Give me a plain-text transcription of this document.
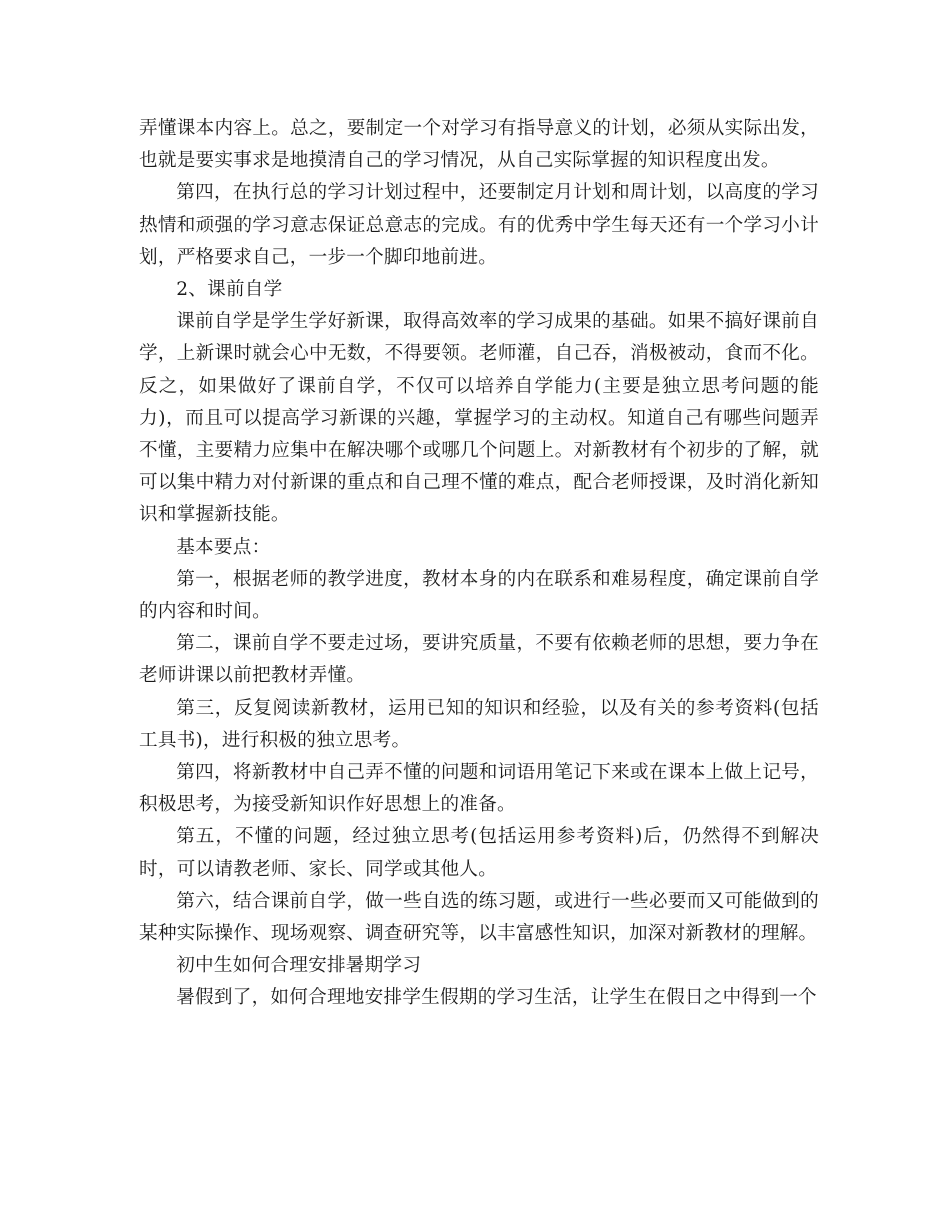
弄懂课本内容上。总之，要制定一个对学习有指导意义的计划，必须从实际出发，也就是要实事求是地摸清自己的学习情况，从自己实际掌握的知识程度出发。

第四，在执行总的学习计划过程中，还要制定月计划和周计划，以高度的学习热情和顽强的学习意志保证总意志的完成。有的优秀中学生每天还有一个学习小计划，严格要求自己，一步一个脚印地前进。

2、课前自学

课前自学是学生学好新课，取得高效率的学习成果的基础。如果不搞好课前自学，上新课时就会心中无数，不得要领。老师灌，自己吞，消极被动，食而不化。反之，如果做好了课前自学，不仅可以培养自学能力(主要是独立思考问题的能力)，而且可以提高学习新课的兴趣，掌握学习的主动权。知道自己有哪些问题弄不懂，主要精力应集中在解决哪个或哪几个问题上。对新教材有个初步的了解，就可以集中精力对付新课的重点和自己理不懂的难点，配合老师授课，及时消化新知识和掌握新技能。

基本要点：

第一，根据老师的教学进度，教材本身的内在联系和难易程度，确定课前自学的内容和时间。

第二，课前自学不要走过场，要讲究质量，不要有依赖老师的思想，要力争在老师讲课以前把教材弄懂。

第三，反复阅读新教材，运用已知的知识和经验，以及有关的参考资料(包括工具书)，进行积极的独立思考。

第四，将新教材中自己弄不懂的问题和词语用笔记下来或在课本上做上记号，积极思考，为接受新知识作好思想上的准备。

第五，不懂的问题，经过独立思考(包括运用参考资料)后，仍然得不到解决时，可以请教老师、家长、同学或其他人。

第六，结合课前自学，做一些自选的练习题，或进行一些必要而又可能做到的某种实际操作、现场观察、调查研究等，以丰富感性知识，加深对新教材的理解。

初中生如何合理安排暑期学习

暑假到了，如何合理地安排学生假期的学习生活，让学生在假日之中得到一个
